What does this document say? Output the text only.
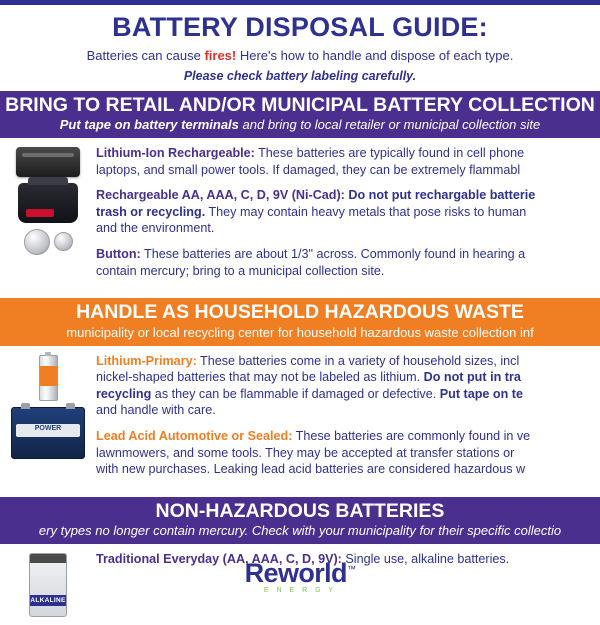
BATTERY DISPOSAL GUIDE:
Batteries can cause fires! Here's how to handle and dispose of each type.
Please check battery labeling carefully.
BRING TO RETAIL AND/OR MUNICIPAL BATTERY COLLECTION
Put tape on battery terminals and bring to local retailer or municipal collection site
Lithium-Ion Rechargeable: These batteries are typically found in cell phone
laptops, and small power tools. If damaged, they can be extremely flammabl
Rechargeable AA, AAA, C, D, 9V (Ni-Cad): Do not put rechargable batterie
trash or recycling. They may contain heavy metals that pose risks to human
and the environment.
Button: These batteries are about 1/3" across. Commonly found in hearing a
contain mercury; bring to a municipal collection site.
HANDLE AS HOUSEHOLD HAZARDOUS WASTE
municipality or local recycling center for household hazardous waste collection inf
POWER
Lithium-Primary: These batteries come in a variety of household sizes, incl
nickel-shaped batteries that may not be labeled as lithium. Do not put in tra
recycling as they can be flammable if damaged or defective. Put tape on te
and handle with care.
Lead Acid Automotive or Sealed: These batteries are commonly found in ve
lawnmowers, and some tools. They may be accepted at transfer stations or
with new purchases. Leaking lead acid batteries are considered hazardous w
NON-HAZARDOUS BATTERIES
ery types no longer contain mercury. Check with your municipality for their specific collectio
ALKALINE
Traditional Everyday (AA, AAA, C, D, 9V): Single use, alkaline batteries.
Reworld™
E N E R G Y
